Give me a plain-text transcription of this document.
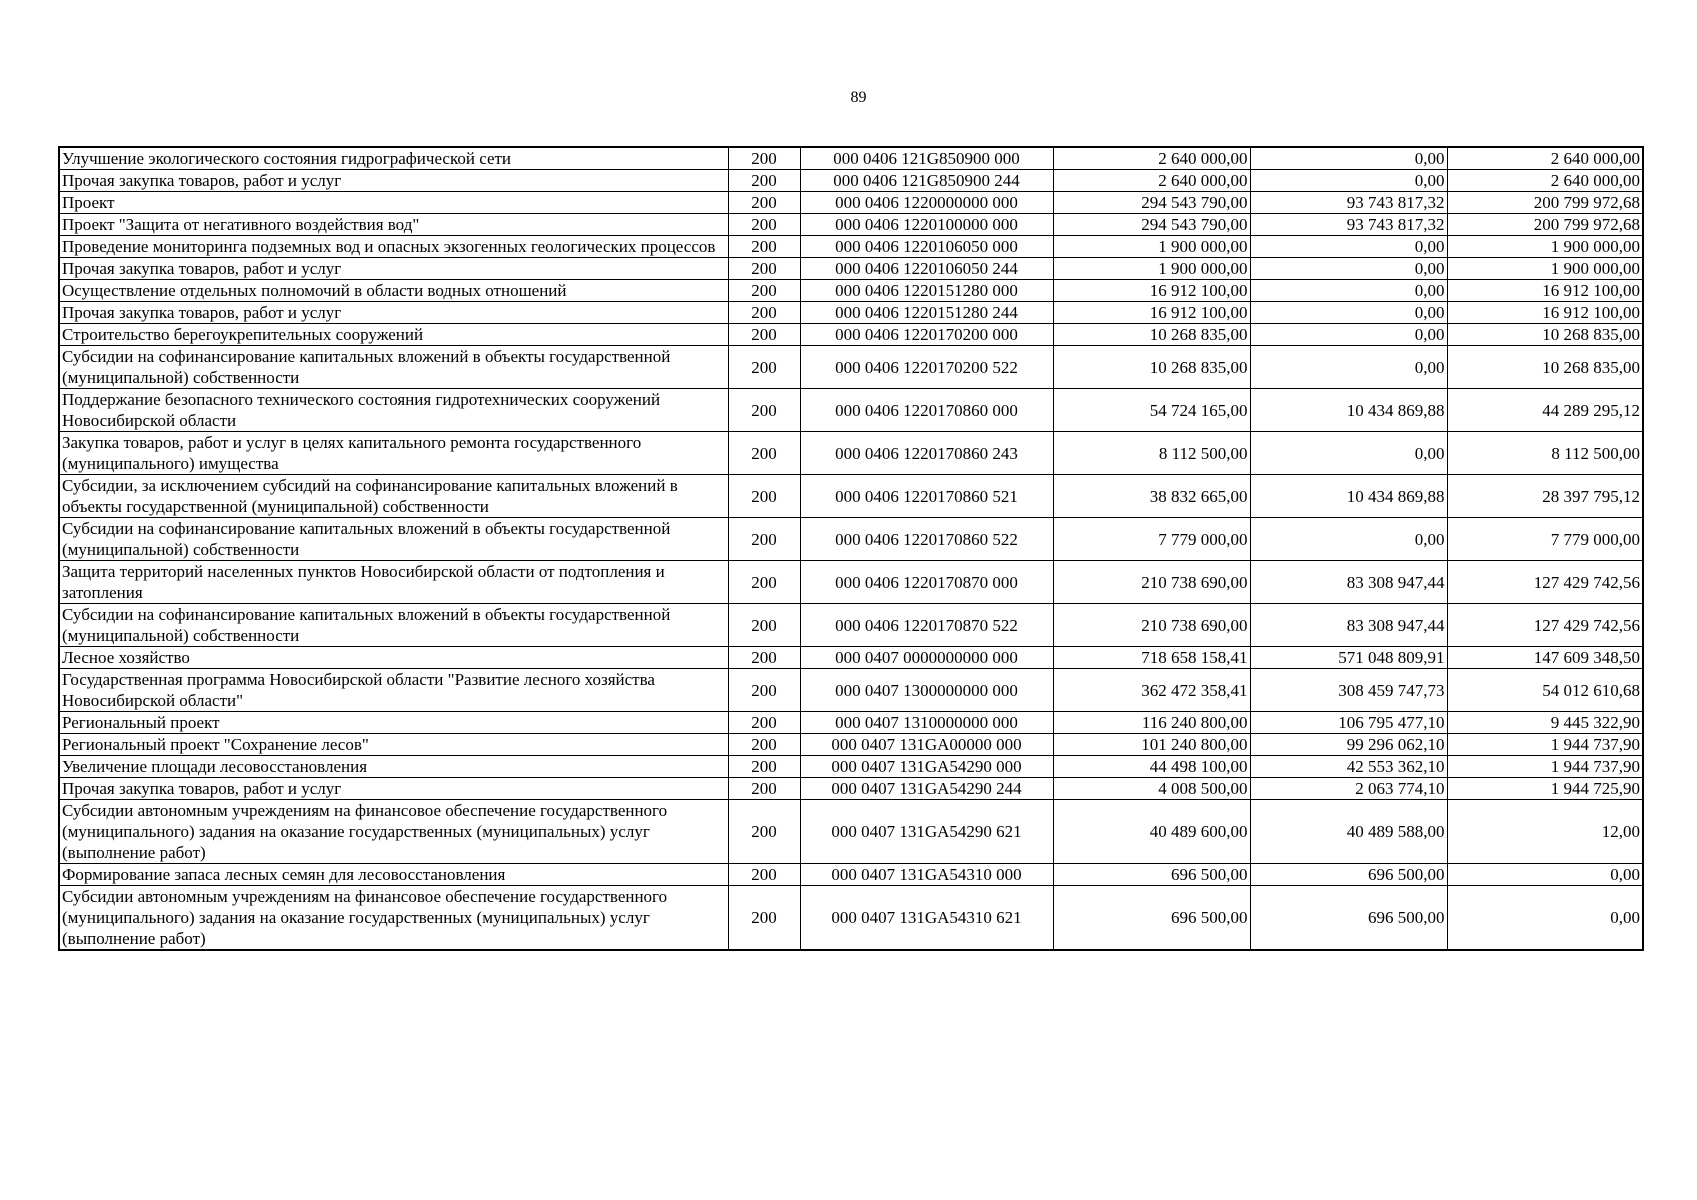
89
Улучшение экологического состояния гидрографической сети	200	000 0406 121G850900 000	2 640 000,00	0,00	2 640 000,00
Прочая закупка товаров, работ и услуг	200	000 0406 121G850900 244	2 640 000,00	0,00	2 640 000,00
Проект	200	000 0406 1220000000 000	294 543 790,00	93 743 817,32	200 799 972,68
Проект "Защита от негативного воздействия вод"	200	000 0406 1220100000 000	294 543 790,00	93 743 817,32	200 799 972,68
Проведение мониторинга подземных вод и опасных экзогенных геологических процессов	200	000 0406 1220106050 000	1 900 000,00	0,00	1 900 000,00
Прочая закупка товаров, работ и услуг	200	000 0406 1220106050 244	1 900 000,00	0,00	1 900 000,00
Осуществление отдельных полномочий в области водных отношений	200	000 0406 1220151280 000	16 912 100,00	0,00	16 912 100,00
Прочая закупка товаров, работ и услуг	200	000 0406 1220151280 244	16 912 100,00	0,00	16 912 100,00
Строительство берегоукрепительных сооружений	200	000 0406 1220170200 000	10 268 835,00	0,00	10 268 835,00
Субсидии на софинансирование капитальных вложений в объекты государственной (муниципальной) собственности	200	000 0406 1220170200 522	10 268 835,00	0,00	10 268 835,00
Поддержание безопасного технического состояния гидротехнических сооружений Новосибирской области	200	000 0406 1220170860 000	54 724 165,00	10 434 869,88	44 289 295,12
Закупка товаров, работ и услуг в целях капитального ремонта государственного (муниципального) имущества	200	000 0406 1220170860 243	8 112 500,00	0,00	8 112 500,00
Субсидии, за исключением субсидий на софинансирование капитальных вложений в объекты государственной (муниципальной) собственности	200	000 0406 1220170860 521	38 832 665,00	10 434 869,88	28 397 795,12
Субсидии на софинансирование капитальных вложений в объекты государственной (муниципальной) собственности	200	000 0406 1220170860 522	7 779 000,00	0,00	7 779 000,00
Защита территорий населенных пунктов Новосибирской области от подтопления и затопления	200	000 0406 1220170870 000	210 738 690,00	83 308 947,44	127 429 742,56
Субсидии на софинансирование капитальных вложений в объекты государственной (муниципальной) собственности	200	000 0406 1220170870 522	210 738 690,00	83 308 947,44	127 429 742,56
Лесное хозяйство	200	000 0407 0000000000 000	718 658 158,41	571 048 809,91	147 609 348,50
Государственная программа Новосибирской области "Развитие лесного хозяйства Новосибирской области"	200	000 0407 1300000000 000	362 472 358,41	308 459 747,73	54 012 610,68
Региональный проект	200	000 0407 1310000000 000	116 240 800,00	106 795 477,10	9 445 322,90
Региональный проект "Сохранение лесов"	200	000 0407 131GA00000 000	101 240 800,00	99 296 062,10	1 944 737,90
Увеличение площади лесовосстановления	200	000 0407 131GA54290 000	44 498 100,00	42 553 362,10	1 944 737,90
Прочая закупка товаров, работ и услуг	200	000 0407 131GA54290 244	4 008 500,00	2 063 774,10	1 944 725,90
Субсидии автономным учреждениям на финансовое обеспечение государственного (муниципального) задания на оказание государственных (муниципальных) услуг (выполнение работ)	200	000 0407 131GA54290 621	40 489 600,00	40 489 588,00	12,00
Формирование запаса лесных семян для лесовосстановления	200	000 0407 131GA54310 000	696 500,00	696 500,00	0,00
Субсидии автономным учреждениям на финансовое обеспечение государственного (муниципального) задания на оказание государственных (муниципальных) услуг (выполнение работ)	200	000 0407 131GA54310 621	696 500,00	696 500,00	0,00
